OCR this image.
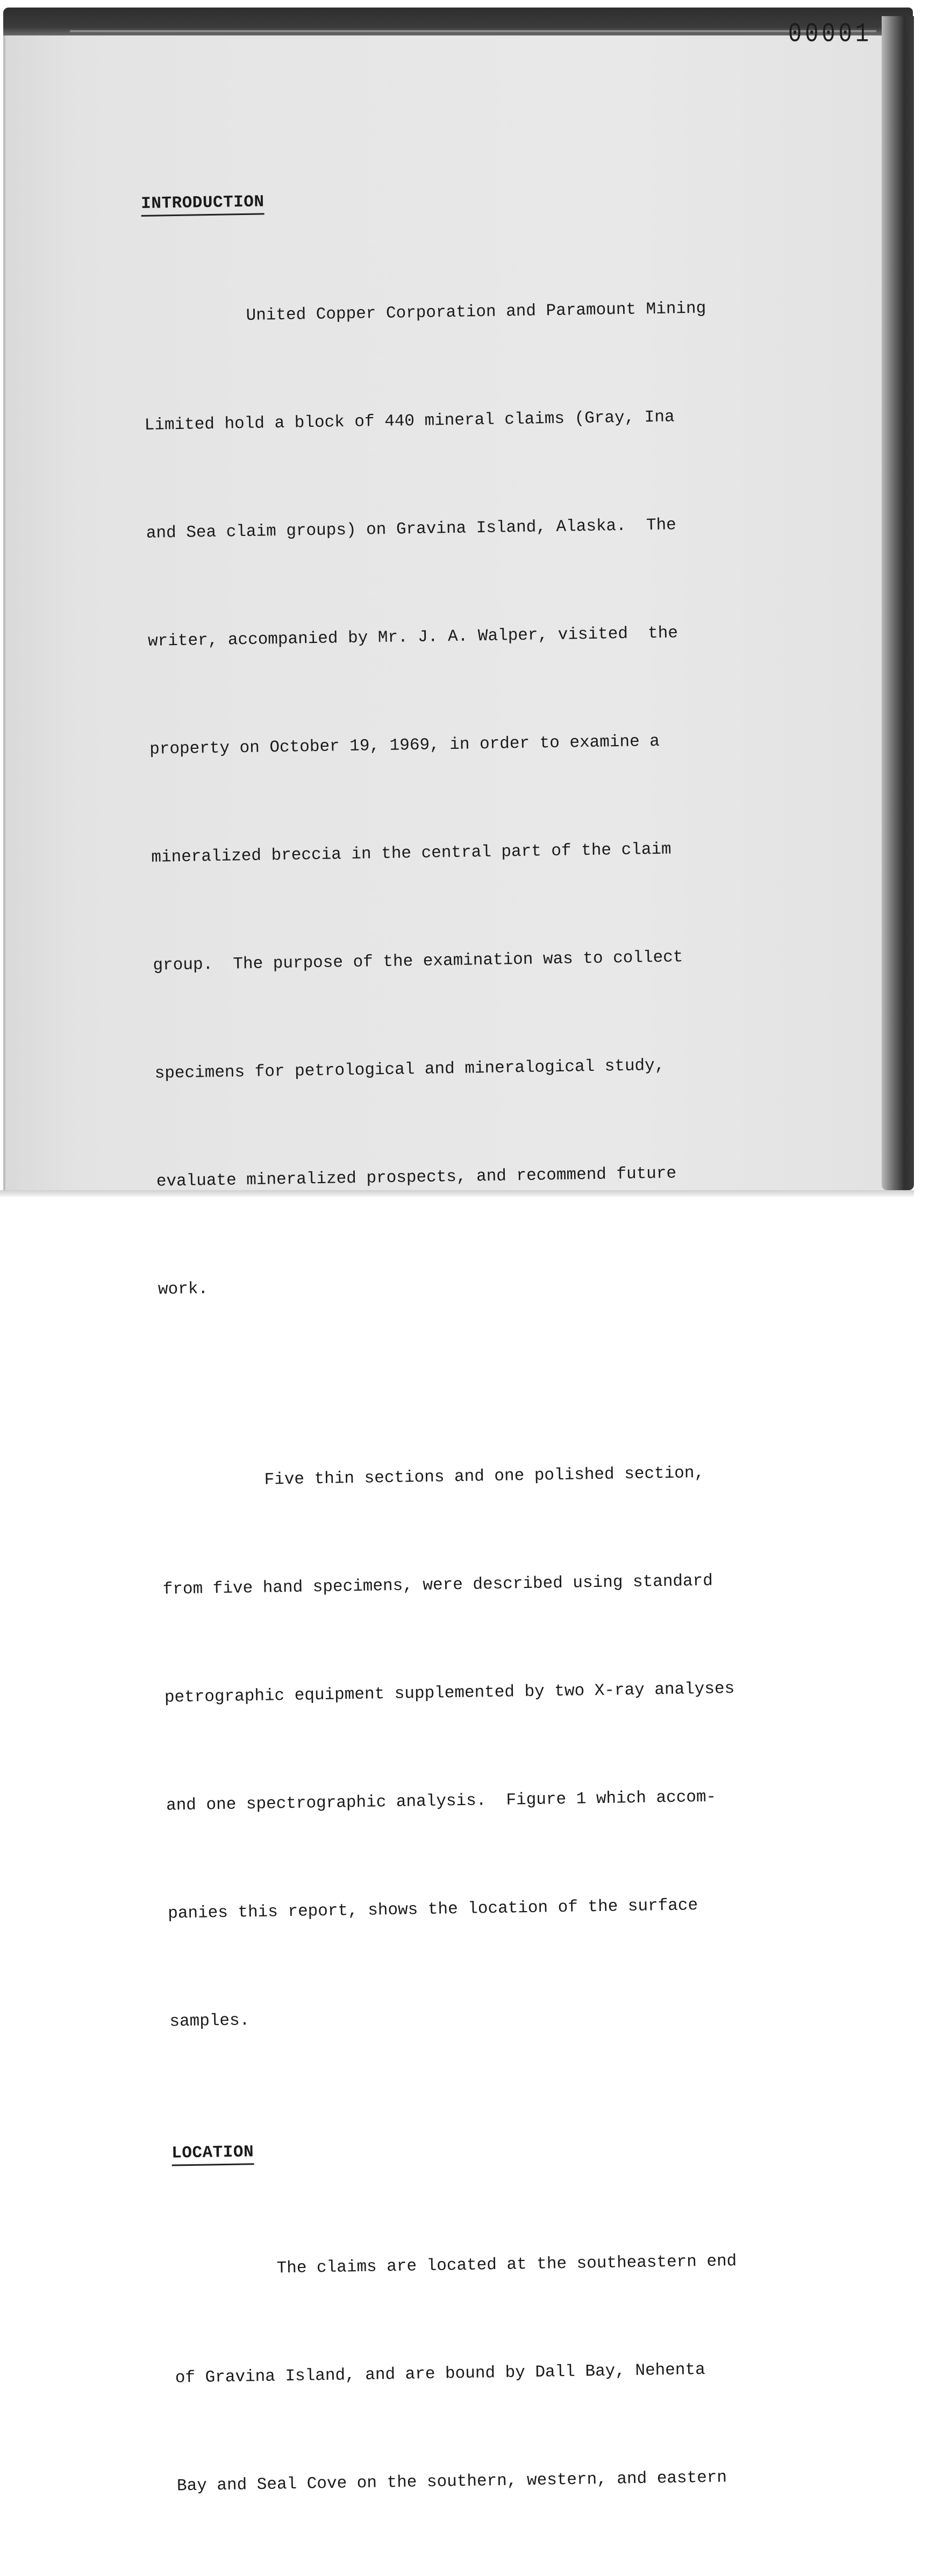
00001
INTRODUCTION

United Copper Corporation and Paramount Mining

Limited hold a block of 440 mineral claims (Gray, Ina

and Sea claim groups) on Gravina Island, Alaska.  The

writer, accompanied by Mr. J. A. Walper, visited  the

property on October 19, 1969, in order to examine a

mineralized breccia in the central part of the claim

group.  The purpose of the examination was to collect

specimens for petrological and mineralogical study,

evaluate mineralized prospects, and recommend future

work.

Five thin sections and one polished section,

from five hand specimens, were described using standard

petrographic equipment supplemented by two X-ray analyses

and one spectrographic analysis.  Figure 1 which accom-

panies this report, shows the location of the surface

samples.

LOCATION

The claims are located at the southeastern end

of Gravina Island, and are bound by Dall Bay, Nehenta

Bay and Seal Cove on the southern, western, and eastern
